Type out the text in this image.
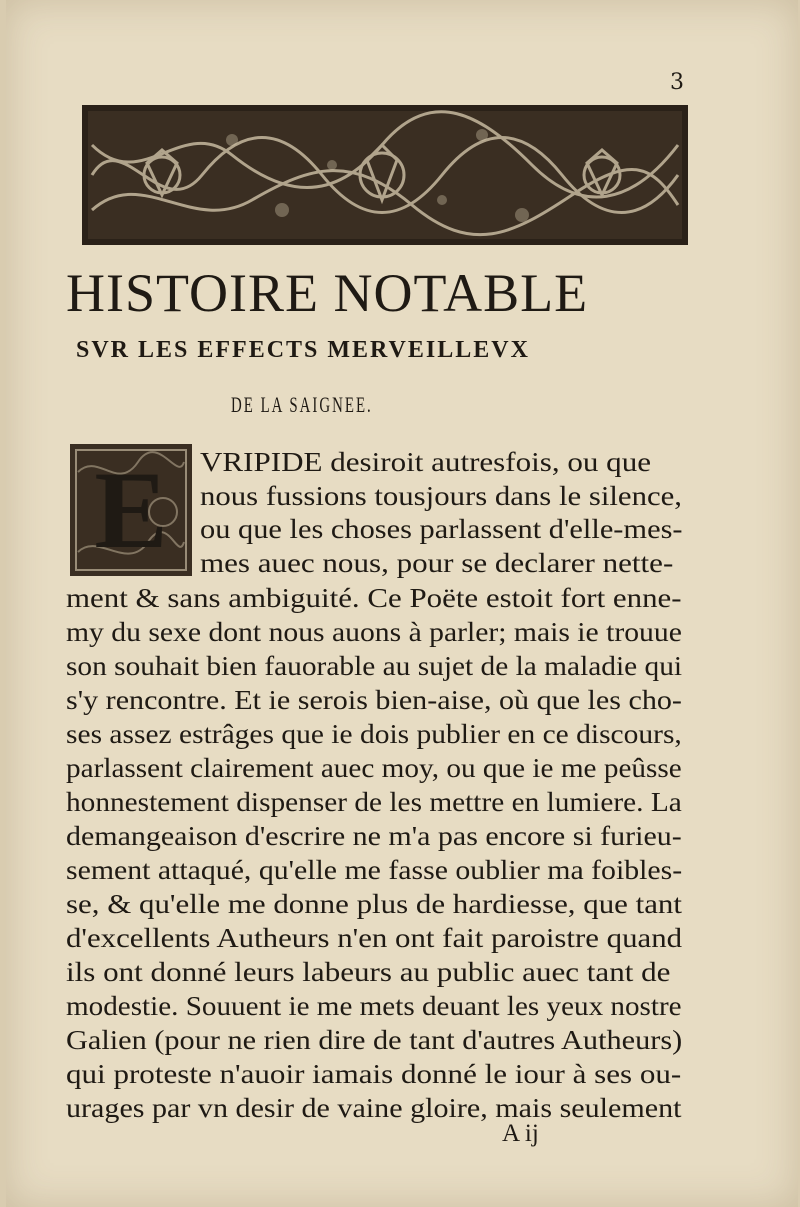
3
HISTOIRE NOTABLE
SVR LES EFFECTS MERVEILLEVX
DE LA SAIGNEE.
E	VRIPIDE desiroit autresfois, ou que
nous fussions tousjours dans le silence,
ou que les choses parlassent d'elle-mes-
mes auec nous, pour se declarer nette-
ment & sans ambiguité. Ce Poëte estoit fort enne-
my du sexe dont nous auons à parler; mais ie trouue
son souhait bien fauorable au sujet de la maladie qui
s'y rencontre. Et ie serois bien-aise, où que les cho-
ses assez estrâges que ie dois publier en ce discours,
parlassent clairement auec moy, ou que ie me peûsse
honnestement dispenser de les mettre en lumiere. La
demangeaison d'escrire ne m'a pas encore si furieu-
sement attaqué, qu'elle me fasse oublier ma foibles-
se, & qu'elle me donne plus de hardiesse, que tant
d'excellents Autheurs n'en ont fait paroistre quand
ils ont donné leurs labeurs au public auec tant de
modestie. Souuent ie me mets deuant les yeux nostre
Galien (pour ne rien dire de tant d'autres Autheurs)
qui proteste n'auoir iamais donné le iour à ses ou-
urages par vn desir de vaine gloire, mais seulement
A ij
